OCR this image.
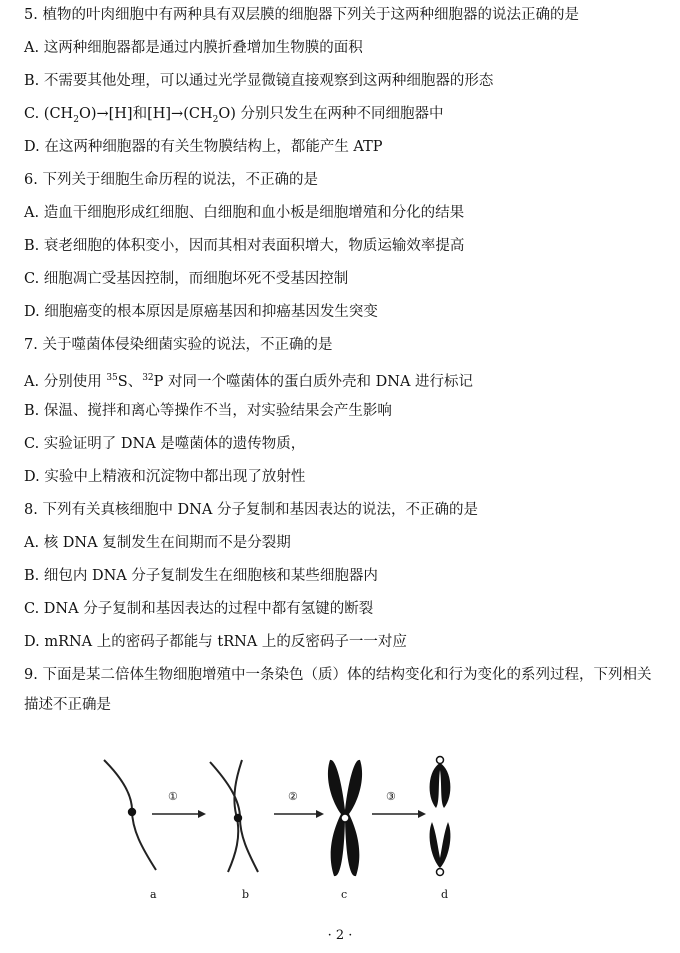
5. 植物的叶肉细胞中有两种具有双层膜的细胞器下列关于这两种细胞器的说法正确的是
A. 这两种细胞器都是通过内膜折叠增加生物膜的面积
B. 不需要其他处理，可以通过光学显微镜直接观察到这两种细胞器的形态
C. $(CH_2O)\to[H]$和$[H]\to(CH_2O)$ 分别只发生在两种不同细胞器中
D. 在这两种细胞器的有关生物膜结构上，都能产生 ATP
6. 下列关于细胞生命历程的说法，不正确的是
A. 造血干细胞形成红细胞、白细胞和血小板是细胞增殖和分化的结果
B. 衰老细胞的体积变小，因而其相对表面积增大，物质运输效率提高
C. 细胞凋亡受基因控制，而细胞坏死不受基因控制
D. 细胞癌变的根本原因是原癌基因和抑癌基因发生突变
7. 关于噬菌体侵染细菌实验的说法，不正确的是
A. 分别使用 $^{35}$S、$^{32}$P 对同一个噬菌体的蛋白质外壳和 DNA 进行标记
B. 保温、搅拌和离心等操作不当，对实验结果会产生影响
C. 实验证明了 DNA 是噬菌体的遗传物质，
D. 实验中上精液和沉淀物中都出现了放射性
8. 下列有关真核细胞中 DNA 分子复制和基因表达的说法，不正确的是
A. 核 DNA 复制发生在间期而不是分裂期
B. 细包内 DNA 分子复制发生在细胞核和某些细胞器内
C. DNA 分子复制和基因表达的过程中都有氢键的断裂
D. mRNA 上的密码子都能与 tRNA 上的反密码子一一对应
9. 下面是某二倍体生物细胞增殖中一条染色（质）体的结构变化和行为变化的系列过程，下列相关描述不正确是
①	②	③
a	b	c	d
· 2 ·
